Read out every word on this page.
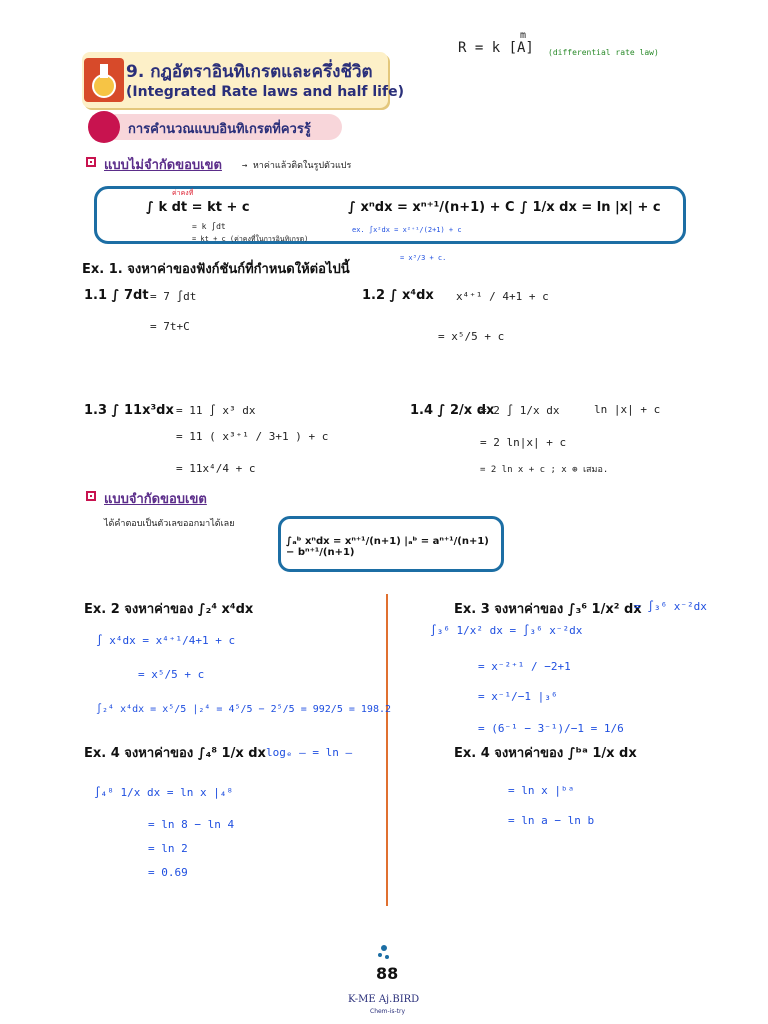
R = k [A]
m
(differential rate law)
9. กฎอัตราอินทิเกรตและครึ่งชีวิต
(Integrated Rate laws and half life)
การคำนวณแบบอินทิเกรตที่ควรรู้
แบบไม่จำกัดขอบเขต → หาค่าแล้วติดในรูปตัวแปร
∫ k dt = kt + c
ค่าคงที่
= k ∫dt
= kt + c (ค่าคงที่ในการอินทิเกรต)
∫ xⁿdx = xⁿ⁺¹/(n+1) + C
ex. ∫x²dx = x²⁺¹/(2+1) + c
= x³/3 + c.
∫ 1/x dx = ln |x| + c
Ex. 1. จงหาค่าของฟังก์ชันก์ที่กำหนดให้ต่อไปนี้
1.1 ∫ 7dt = 7 ∫dt
= 7t+C
1.2 ∫ x⁴dx x⁴⁺¹ / 4+1 + c
= x⁵/5 + c
1.3 ∫ 11x³dx = 11 ∫ x³ dx
= 11 ( x³⁺¹ / 3+1 ) + c
= 11x⁴/4 + c
1.4 ∫ 2/x dx
= 2 ∫ 1/x dx	ln |x| + c
= 2 ln|x| + c
= 2 ln x + c ; x ⊕ เสมอ.
แบบจำกัดขอบเขต
ได้คำตอบเป็นตัวเลขออกมาได้เลย
∫ₐᵇ xⁿdx = xⁿ⁺¹/(n+1) |ₐᵇ = aⁿ⁺¹/(n+1) − bⁿ⁺¹/(n+1)
Ex. 2 จงหาค่าของ ∫₂⁴ x⁴dx
∫ x⁴dx = x⁴⁺¹/4+1 + c
= x⁵/5 + c
∫₂⁴ x⁴dx = x⁵/5 |₂⁴ = 4⁵/5 − 2⁵/5 = 992/5 = 198.2
Ex. 3 จงหาค่าของ ∫₃⁶ 1/x² dx
= ∫₃⁶ x⁻²dx
∫₃⁶ 1/x² dx = ∫₃⁶ x⁻²dx
= x⁻²⁺¹ / −2+1
= x⁻¹/−1 |₃⁶
= (6⁻¹ − 3⁻¹)/−1 = 1/6
Ex. 4 จงหาค่าของ ∫₄⁸ 1/x dx logₑ — = ln —
∫₄⁸ 1/x dx = ln x |₄⁸
= ln 8 − ln 4
= ln 2
= 0.69
Ex. 4 จงหาค่าของ ∫ᵇᵃ 1/x dx
= ln x |ᵇᵃ
= ln a − ln b
88
K-ME Aj.BIRD
Chem-is-try
